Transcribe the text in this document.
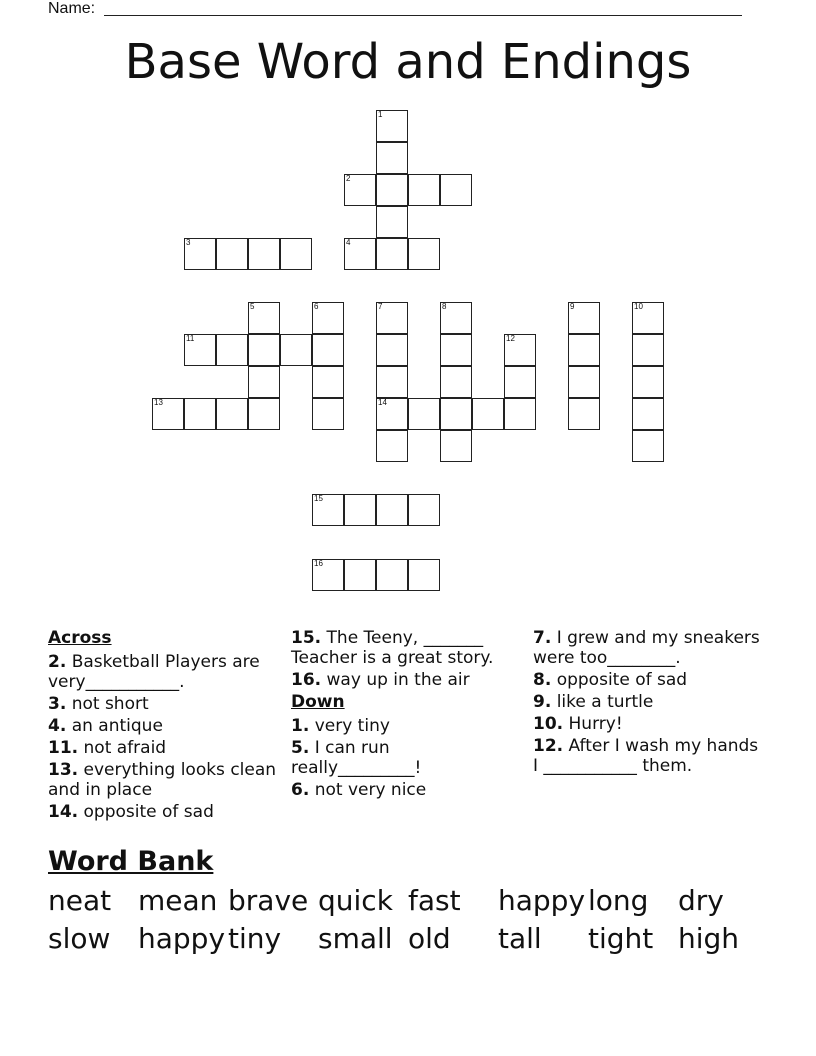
Name:
Base Word and Endings
1
2
3	4
5	6	7	8	9	10
11	12
13	14
15
16
Across
2. Basketball Players are very___________.
3. not short
4. an antique
11. not afraid
13. everything looks clean and in place
14. opposite of sad
15. The Teeny, _______ Teacher is a great story.
16. way up in the air
Down
1. very tiny
5. I can run really_________!
6. not very nice
7. I grew and my sneakers were too________.
8. opposite of sad
9. like a turtle
10. Hurry!
12. After I wash my hands I ___________ them.
Word Bank
neat mean brave quick fast happy long dry
slow happy tiny small old tall tight high
